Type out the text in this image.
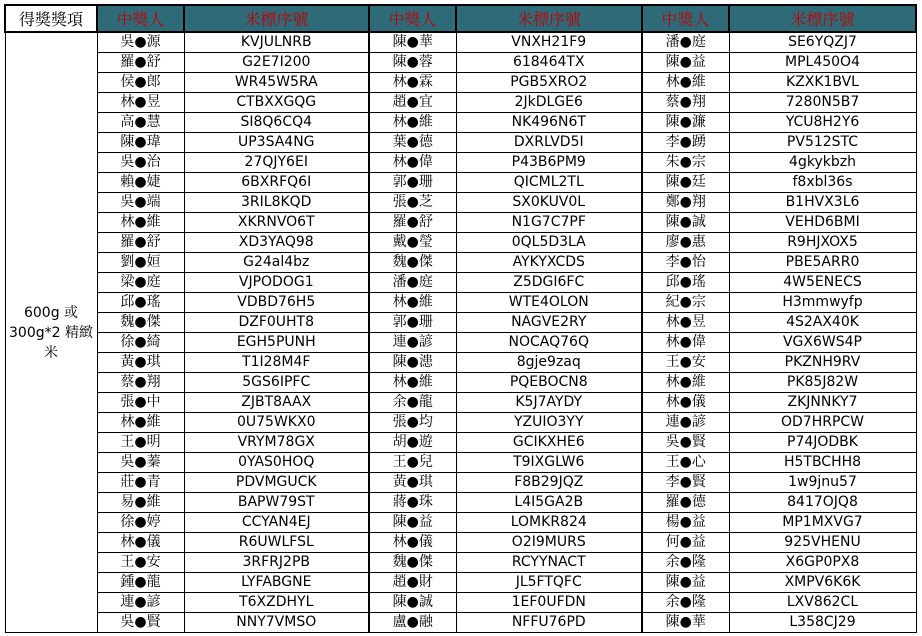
得獎獎項	中獎人	米標序號	中獎人	米標序號	中獎人	米標序號
600g 或 300g*2 精緻米	吳●源	KVJULNRB	陳●華	VNXH21F9	潘●庭	SE6YQZJ7
	羅●舒	G2E7I200	陳●蓉	618464TX	陳●益	MPL450O4
	侯●郎	WR45W5RA	林●霖	PGB5XRO2	林●維	KZXK1BVL
	林●昱	CTBXXGQG	趙●宜	2JkDLGE6	蔡●翔	7280N5B7
	高●慧	SI8Q6CQ4	林●維	NK496N6T	陳●濂	YCU8H2Y6
	陳●瑋	UP3SA4NG	葉●德	DXRLVD5I	李●踴	PV512STC
	吳●治	27QJY6EI	林●偉	P43B6PM9	朱●宗	4gkykbzh
	賴●婕	6BXRFQ6I	郭●珊	QICML2TL	陳●廷	f8xbl36s
	吳●端	3RIL8KQD	張●芝	SX0KUV0L	鄭●翔	B1HVX3L6
	林●維	XKRNVO6T	羅●舒	N1G7C7PF	陳●誠	VEHD6BMI
	羅●舒	XD3YAQ98	戴●瑩	0QL5D3LA	廖●惠	R9HJXOX5
	劉●姮	G24al4bz	魏●傑	AYKYXCDS	李●怡	PBE5ARR0
	梁●庭	VJPODOG1	潘●庭	Z5DGI6FC	邱●瑤	4W5ENECS
	邱●瑤	VDBD76H5	林●維	WTE4OLON	紀●宗	H3mmwyfp
	魏●傑	DZF0UHT8	郭●珊	NAGVE2RY	林●昱	4S2AX40K
	徐●綺	EGH5PUNH	連●諺	NOCAQ76Q	林●偉	VGX6WS4P
	黃●琪	T1I28M4F	陳●漶	8gje9zaq	王●安	PKZNH9RV
	蔡●翔	5GS6IPFC	林●維	PQEBOCN8	林●維	PK85J82W
	張●中	ZJBT8AAX	余●龍	K5J7AYDY	林●儀	ZKJNNKY7
	林●維	0U75WKX0	張●均	YZUIO3YY	連●諺	OD7HRPCW
	王●明	VRYM78GX	胡●遊	GCIKXHE6	吳●賢	P74JODBK
	吳●蓁	0YAS0HOQ	王●兒	T9IXGLW6	王●心	H5TBCHH8
	莊●青	PDVMGUCK	黃●琪	F8B29JQZ	李●賢	1w9jnu57
	易●維	BAPW79ST	蔣●珠	L4I5GA2B	羅●德	8417OJQ8
	徐●婷	CCYAN4EJ	陳●益	LOMKR824	楊●益	MP1MXVG7
	林●儀	R6UWLFSL	林●儀	O2I9MURS	何●益	925VHENU
	王●安	3RFRJ2PB	魏●傑	RCYYNACT	余●隆	X6GP0PX8
	鍾●龍	LYFABGNE	趙●財	JL5FTQFC	陳●益	XMPV6K6K
	連●諺	T6XZDHYL	陳●誠	1EF0UFDN	余●隆	LXV862CL
	吳●賢	NNY7VMSO	盧●融	NFFU76PD	陳●華	L358CJ29
